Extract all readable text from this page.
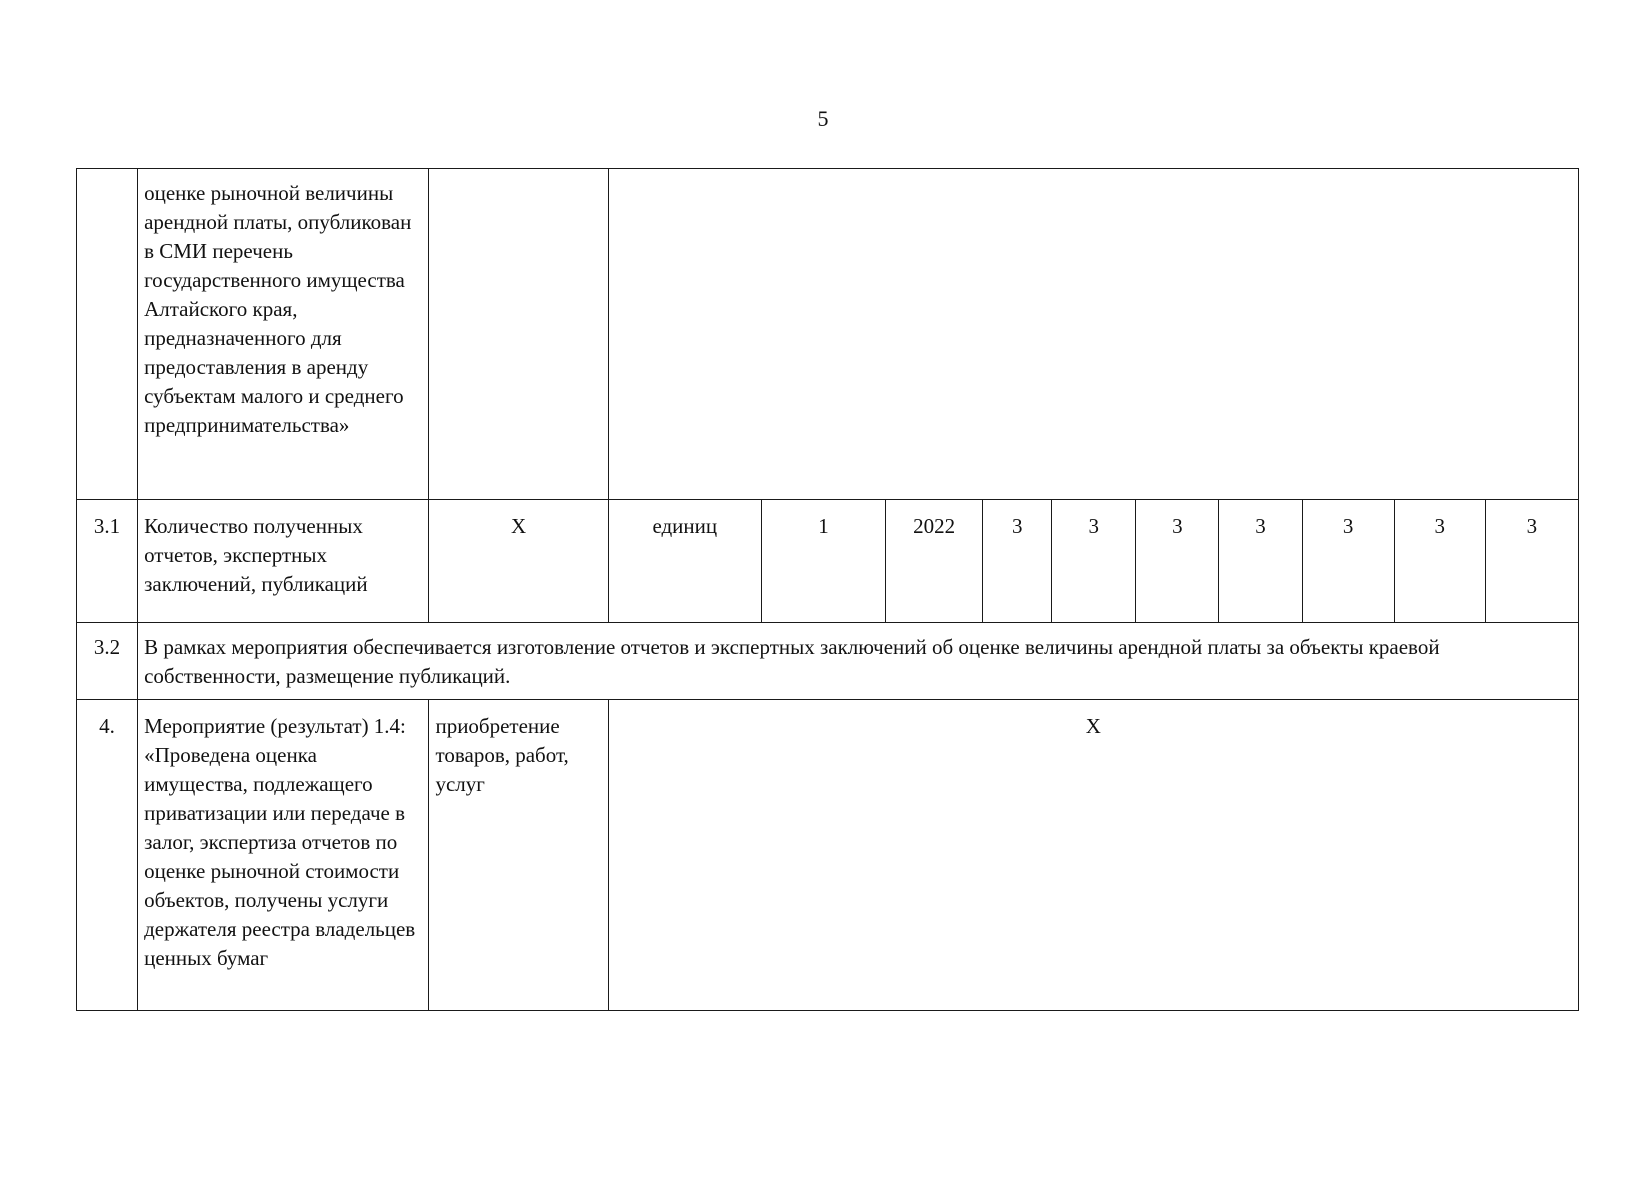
5
	оценке рыночной величины арендной платы, опубликован в СМИ перечень государственного имущества Алтайского края, предназначенного для предоставления в аренду субъектам малого и среднего предпринимательства»											
3.1	Количество полученных отчетов, экспертных заключений, публикаций	Х	единиц	1	2022	3	3	3	3	3	3	3
3.2	В рамках мероприятия обеспечивается изготовление отчетов и экспертных заключений об оценке величины арендной платы за объекты краевой собственности, размещение публикаций.											
4.	Мероприятие (результат) 1.4: «Проведена оценка имущества, подлежащего приватизации или передаче в залог, экспертиза отчетов по оценке рыночной стоимости объектов, получены услуги держателя реестра владельцев ценных бумаг	приобретение товаров, работ, услуг	Х									
